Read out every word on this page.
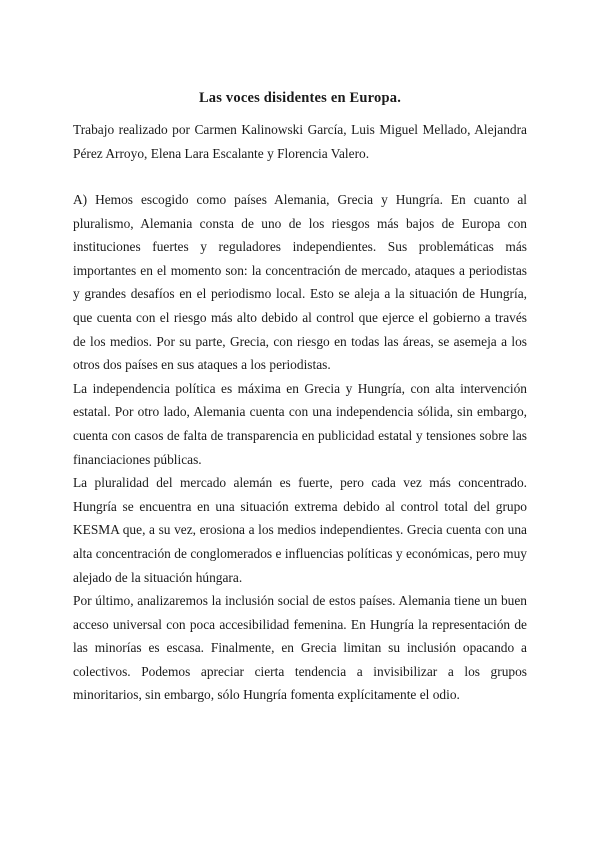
Las voces disidentes en Europa.

Trabajo realizado por Carmen Kalinowski García, Luis Miguel Mellado, Alejandra Pérez Arroyo, Elena Lara Escalante y Florencia Valero.

A) Hemos escogido como países Alemania, Grecia y Hungría. En cuanto al pluralismo, Alemania consta de uno de los riesgos más bajos de Europa con instituciones fuertes y reguladores independientes. Sus problemáticas más importantes en el momento son: la concentración de mercado, ataques a periodistas y grandes desafíos en el periodismo local. Esto se aleja a la situación de Hungría, que cuenta con el riesgo más alto debido al control que ejerce el gobierno a través de los medios. Por su parte, Grecia, con riesgo en todas las áreas, se asemeja a los otros dos países en sus ataques a los periodistas.

La independencia política es máxima en Grecia y Hungría, con alta intervención estatal. Por otro lado, Alemania cuenta con una independencia sólida, sin embargo, cuenta con casos de falta de transparencia en publicidad estatal y tensiones sobre las financiaciones públicas.

La pluralidad del mercado alemán es fuerte, pero cada vez más concentrado. Hungría se encuentra en una situación extrema debido al control total del grupo KESMA que, a su vez, erosiona a los medios independientes. Grecia cuenta con una alta concentración de conglomerados e influencias políticas y económicas, pero muy alejado de la situación húngara.

Por último, analizaremos la inclusión social de estos países. Alemania tiene un buen acceso universal con poca accesibilidad femenina. En Hungría la representación de las minorías es escasa. Finalmente, en Grecia limitan su inclusión opacando a colectivos. Podemos apreciar cierta tendencia a invisibilizar a los grupos minoritarios, sin embargo, sólo Hungría fomenta explícitamente el odio.
